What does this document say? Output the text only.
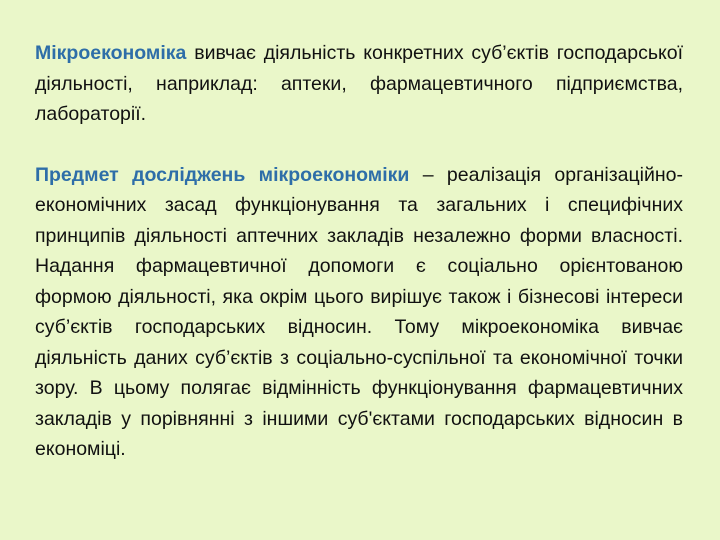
Мікроекономіка вивчає діяльність конкретних суб’єктів господарської діяльності, наприклад: аптеки, фармацевтичного підприємства, лабораторії.

Предмет досліджень мікроекономіки – реалізація організаційно-економічних засад функціонування та загальних і специфічних принципів діяльності аптечних закладів незалежно форми власності. Надання фармацевтичної допомоги є соціально орієнтованою формою діяльності, яка окрім цього вирішує також і бізнесові інтереси суб’єктів господарських відносин. Тому мікроекономіка вивчає діяльність даних суб’єктів з соціально-суспільної та економічної точки зору. В цьому полягає відмінність функціонування фармацевтичних закладів у порівнянні з іншими суб'єктами господарських відносин в економіці.
